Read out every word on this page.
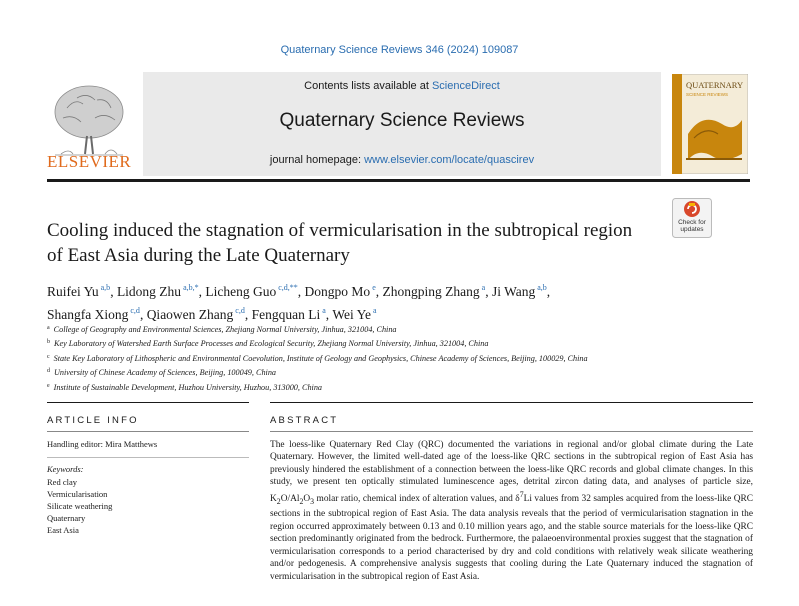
Quaternary Science Reviews 346 (2024) 109087
ELSEVIER
Contents lists available at ScienceDirect
Quaternary Science Reviews
journal homepage: www.elsevier.com/locate/quascirev
QUATERNARY
SCIENCE REVIEWS
Check for
updates
Cooling induced the stagnation of vermicularisation in the subtropical region of East Asia during the Late Quaternary
Ruifei Yu $^{a,b}$, Lidong Zhu $^{a,b,*}$, Licheng Guo $^{c,d,**}$, Dongpo Mo $^e$, Zhongping Zhang $^a$, Ji Wang $^{a,b}$,
Shangfa Xiong $^{c,d}$, Qiaowen Zhang $^{c,d}$, Fengquan Li $^a$, Wei Ye $^a$
$^a$ College of Geography and Environmental Sciences, Zhejiang Normal University, Jinhua, 321004, China
$^b$ Key Laboratory of Watershed Earth Surface Processes and Ecological Security, Zhejiang Normal University, Jinhua, 321004, China
$^c$ State Key Laboratory of Lithospheric and Environmental Coevolution, Institute of Geology and Geophysics, Chinese Academy of Sciences, Beijing, 100029, China
$^d$ University of Chinese Academy of Sciences, Beijing, 100049, China
$^e$ Institute of Sustainable Development, Huzhou University, Huzhou, 313000, China
ARTICLE INFO	ABSTRACT
Handling editor: Mira Matthews
Keywords:
Red clay
Vermicularisation
Silicate weathering
Quaternary
East Asia
The loess-like Quaternary Red Clay (QRC) documented the variations in regional and/or global climate during the Late Quaternary. However, the limited well-dated age of the loess-like QRC sections in the subtropical region of East Asia has previously hindered the establishment of a connection between the loess-like QRC records and global climate changes. In this study, we present ten optically stimulated luminescence ages, detrital zircon dating data, and analyses of particle size, $K_2O/Al_2O_3$ molar ratio, chemical index of alteration values, and $\delta^7Li$ values from 32 samples acquired from the loess-like QRC sections in the subtropical region of East Asia. The data analysis reveals that the period of vermicularisation stagnation in the region occurred approximately between 0.13 and 0.10 million years ago, and the stable source materials for the loess-like QRC section predominantly originated from the bedrock. Furthermore, the palaeoenvironmental proxies suggest that the stagnation of vermicularisation corresponds to a period characterised by dry and cold conditions with relatively weak silicate weathering and/or pedogenesis. A comprehensive analysis suggests that cooling during the Late Quaternary induced the stagnation of vermicularisation in the subtropical region of East Asia.
